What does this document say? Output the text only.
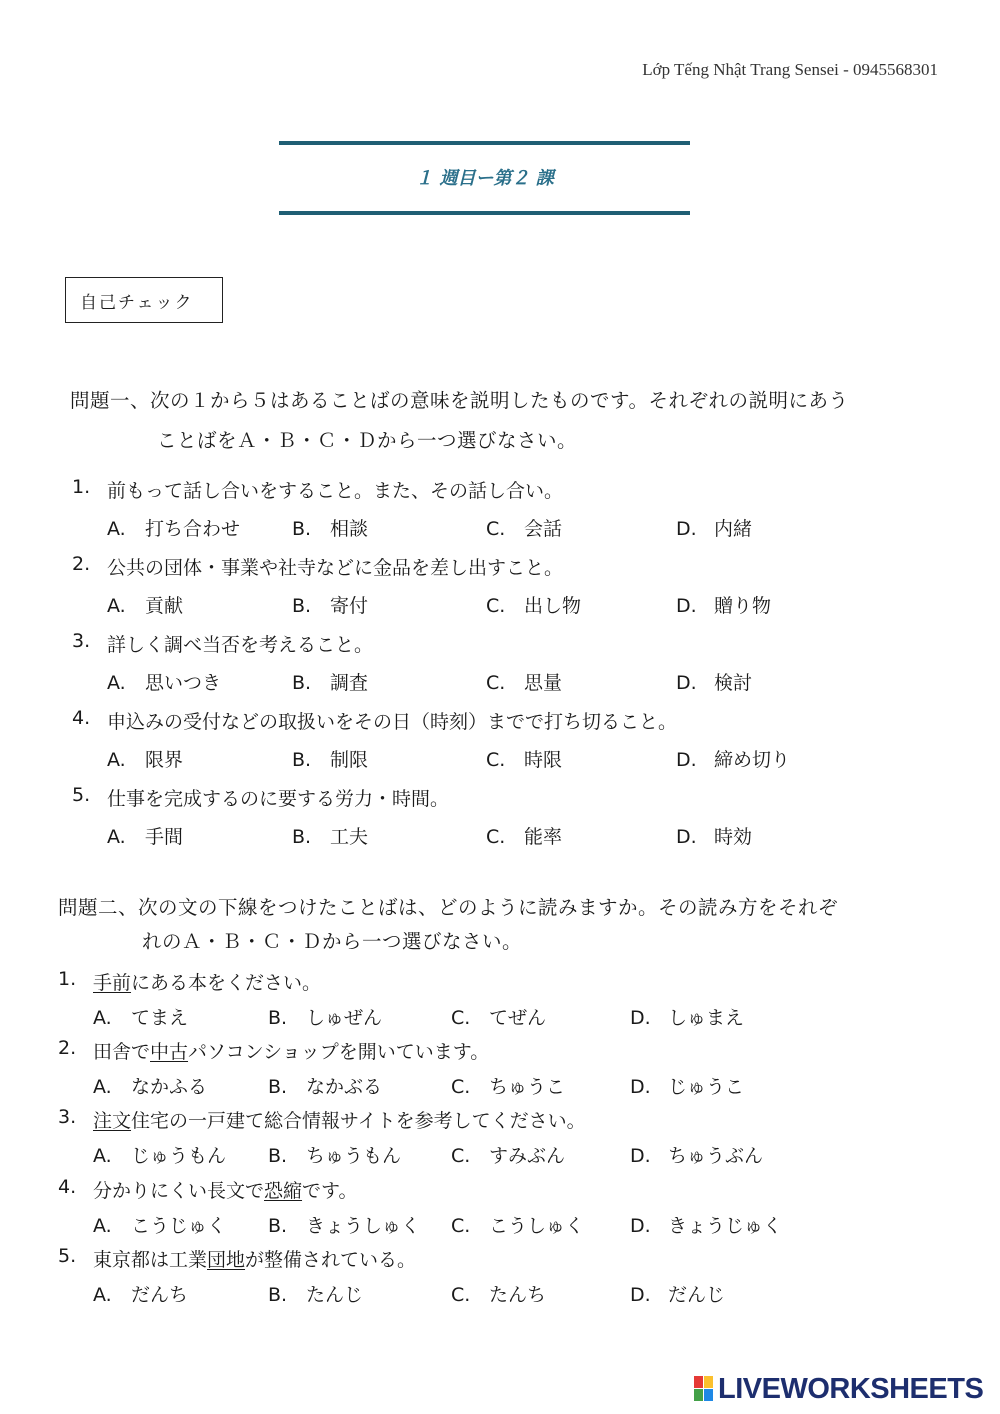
Lớp Tếng Nhật Trang Sensei - 0945568301
１ 週目ー第２ 課
自己チェック
問題一、次の１から５はあることばの意味を説明したものです。それぞれの説明にあう
ことばをＡ・Ｂ・Ｃ・Ｄから一つ選びなさい。
1. 前もって話し合いをすること。また、その話し合い。
A. 打ち合わせ	B. 相談	C. 会話	D. 内緒
2. 公共の団体・事業や社寺などに金品を差し出すこと。
A. 貢献	B. 寄付	C. 出し物	D. 贈り物
3. 詳しく調べ当否を考えること。
A. 思いつき	B. 調査	C. 思量	D. 検討
4. 申込みの受付などの取扱いをその日（時刻）までで打ち切ること。
A. 限界	B. 制限	C. 時限	D. 締め切り
5. 仕事を完成するのに要する労力・時間。
A. 手間	B. 工夫	C. 能率	D. 時効
問題二、次の文の下線をつけたことばは、どのように読みますか。その読み方をそれぞ
れのＡ・Ｂ・Ｃ・Ｄから一つ選びなさい。
1. 手前にある本をください。
A. てまえ	B. しゅぜん	C. てぜん	D. しゅまえ
2. 田舎で中古パソコンショップを開いています。
A. なかふる	B. なかぶる	C. ちゅうこ	D. じゅうこ
3. 注文住宅の一戸建て総合情報サイトを参考してください。
A. じゅうもん B. ちゅうもん	C. すみぶん	D. ちゅうぶん
4. 分かりにくい長文で恐縮です。
A. こうじゅく B. きょうしゅく C. こうしゅく D. きょうじゅく
5. 東京都は工業団地が整備されている。
A. だんち	B. たんじ	C. たんち	D. だんじ
LIVEWORKSHEETS
